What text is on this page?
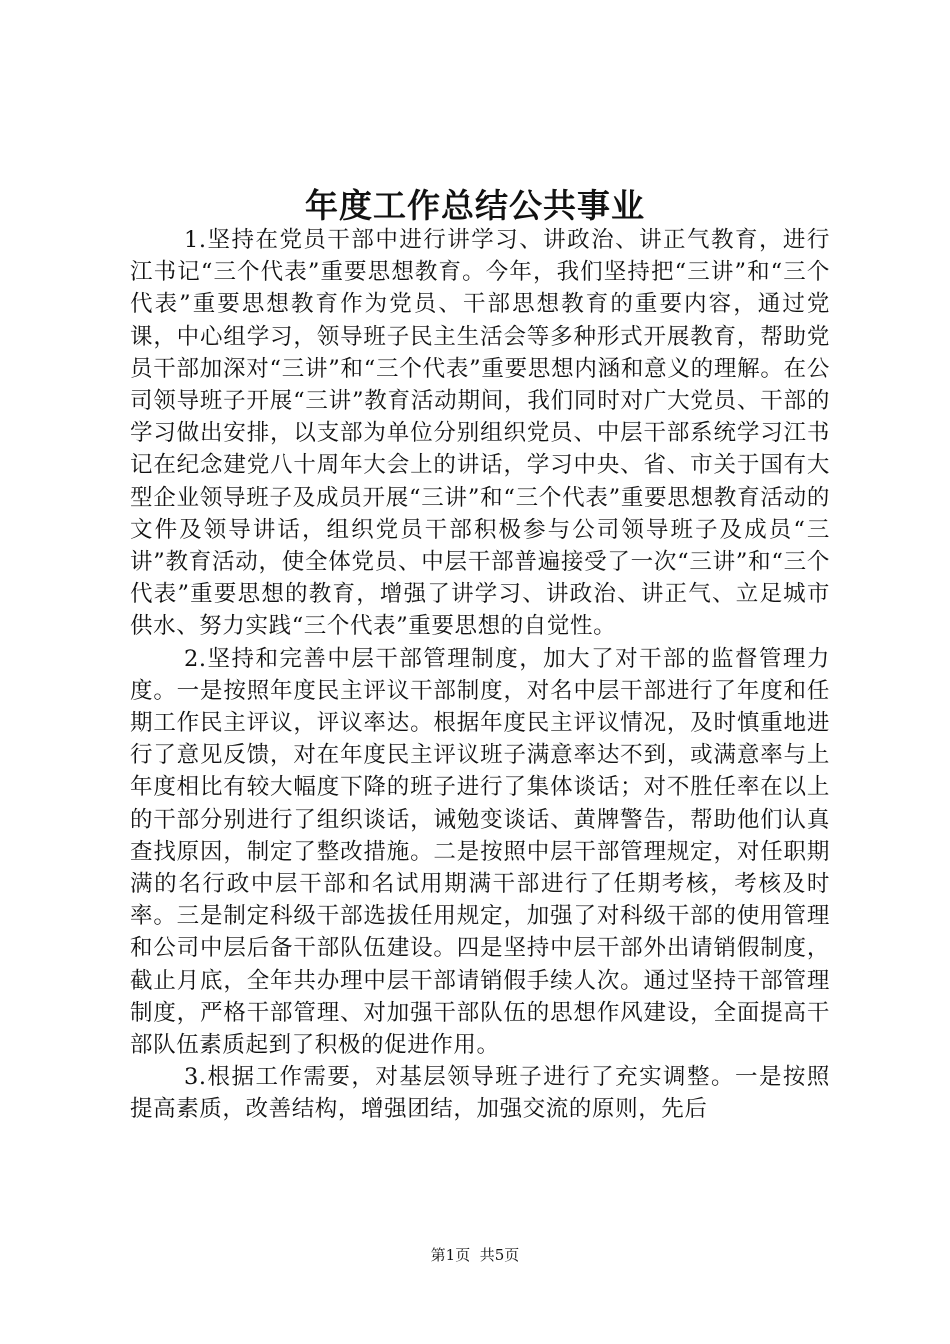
年度工作总结公共事业

1.坚持在党员干部中进行讲学习、讲政治、讲正气教育，进行江书记“三个代表”重要思想教育。今年，我们坚持把“三讲”和“三个代表”重要思想教育作为党员、干部思想教育的重要内容，通过党课，中心组学习，领导班子民主生活会等多种形式开展教育，帮助党员干部加深对“三讲”和“三个代表”重要思想内涵和意义的理解。在公司领导班子开展“三讲”教育活动期间，我们同时对广大党员、干部的学习做出安排，以支部为单位分别组织党员、中层干部系统学习江书记在纪念建党八十周年大会上的讲话，学习中央、省、市关于国有大型企业领导班子及成员开展“三讲”和“三个代表”重要思想教育活动的文件及领导讲话，组织党员干部积极参与公司领导班子及成员“三讲”教育活动，使全体党员、中层干部普遍接受了一次“三讲”和“三个代表”重要思想的教育，增强了讲学习、讲政治、讲正气、立足城市供水、努力实践“三个代表”重要思想的自觉性。

2.坚持和完善中层干部管理制度，加大了对干部的监督管理力度。一是按照年度民主评议干部制度，对名中层干部进行了年度和任期工作民主评议，评议率达。根据年度民主评议情况，及时慎重地进行了意见反馈，对在年度民主评议班子满意率达不到，或满意率与上年度相比有较大幅度下降的班子进行了集体谈话；对不胜任率在以上的干部分别进行了组织谈话，诫勉变谈话、黄牌警告，帮助他们认真查找原因，制定了整改措施。二是按照中层干部管理规定，对任职期满的名行政中层干部和名试用期满干部进行了任期考核，考核及时率。三是制定科级干部选拔任用规定，加强了对科级干部的使用管理和公司中层后备干部队伍建设。四是坚持中层干部外出请销假制度，截止月底，全年共办理中层干部请销假手续人次。通过坚持干部管理制度，严格干部管理、对加强干部队伍的思想作风建设，全面提高干部队伍素质起到了积极的促进作用。

3.根据工作需要，对基层领导班子进行了充实调整。一是按照提高素质，改善结构，增强团结，加强交流的原则，先后

第1页 共5页
